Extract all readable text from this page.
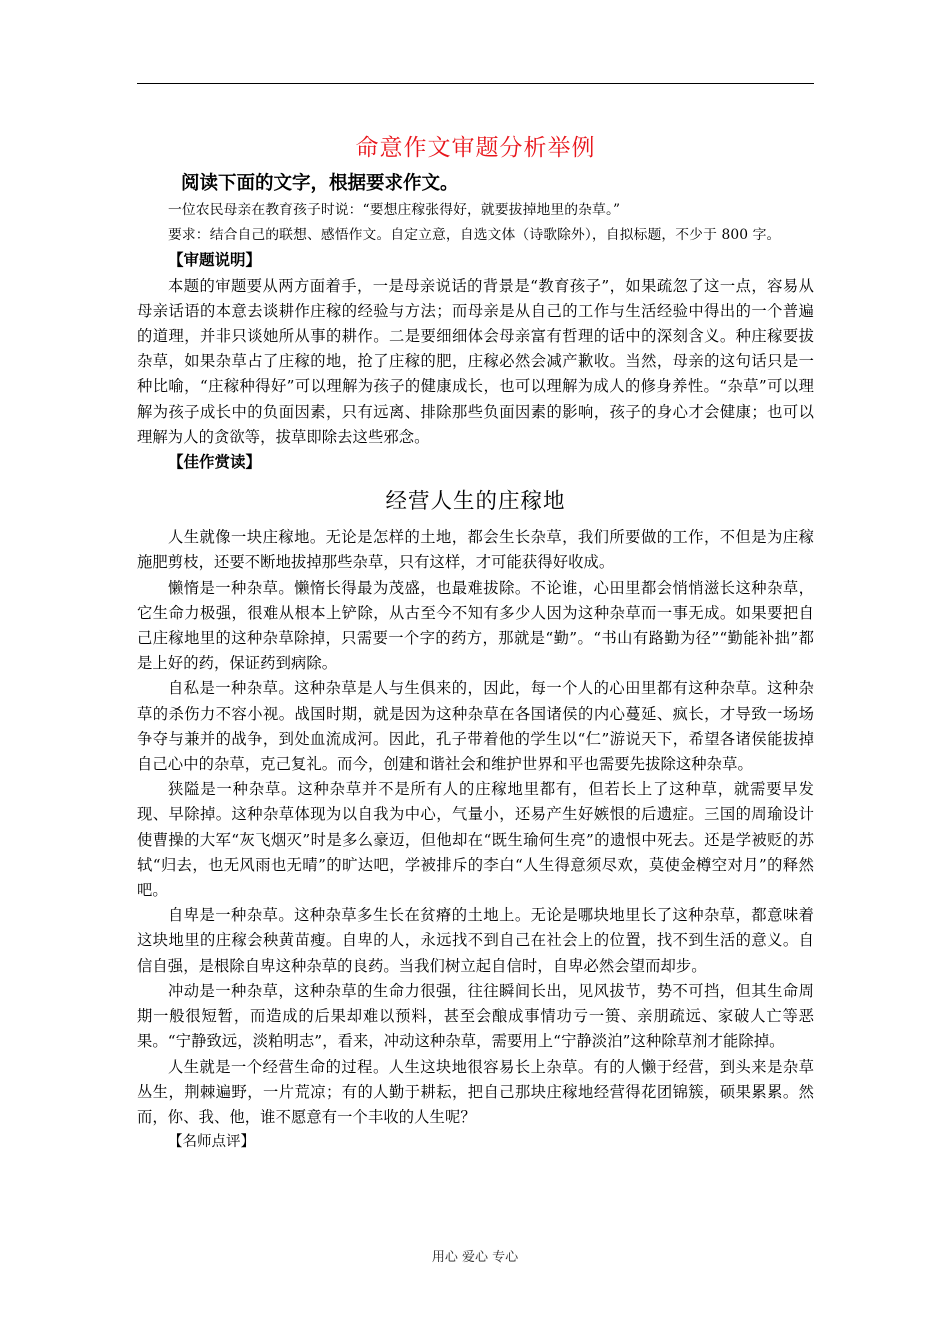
命意作文审题分析举例
阅读下面的文字，根据要求作文。

一位农民母亲在教育孩子时说：“要想庄稼张得好，就要拔掉地里的杂草。”

要求：结合自己的联想、感悟作文。自定立意，自选文体（诗歌除外），自拟标题，不少于 800 字。

【审题说明】

本题的审题要从两方面着手，一是母亲说话的背景是“教育孩子”，如果疏忽了这一点，容易从母亲话语的本意去谈耕作庄稼的经验与方法；而母亲是从自己的工作与生活经验中得出的一个普遍的道理，并非只谈她所从事的耕作。二是要细细体会母亲富有哲理的话中的深刻含义。种庄稼要拔杂草，如果杂草占了庄稼的地，抢了庄稼的肥，庄稼必然会减产歉收。当然，母亲的这句话只是一种比喻，“庄稼种得好”可以理解为孩子的健康成长，也可以理解为成人的修身养性。“杂草”可以理解为孩子成长中的负面因素，只有远离、排除那些负面因素的影响，孩子的身心才会健康；也可以理解为人的贪欲等，拔草即除去这些邪念。

【佳作赏读】
经营人生的庄稼地

人生就像一块庄稼地。无论是怎样的土地，都会生长杂草，我们所要做的工作，不但是为庄稼施肥剪枝，还要不断地拔掉那些杂草，只有这样，才可能获得好收成。

懒惰是一种杂草。懒惰长得最为茂盛，也最难拔除。不论谁，心田里都会悄悄滋长这种杂草，它生命力极强，很难从根本上铲除，从古至今不知有多少人因为这种杂草而一事无成。如果要把自己庄稼地里的这种杂草除掉，只需要一个字的药方，那就是“勤”。“书山有路勤为径”“勤能补拙”都是上好的药，保证药到病除。

自私是一种杂草。这种杂草是人与生俱来的，因此，每一个人的心田里都有这种杂草。这种杂草的杀伤力不容小视。战国时期，就是因为这种杂草在各国诸侯的内心蔓延、疯长，才导致一场场争夺与兼并的战争，到处血流成河。因此，孔子带着他的学生以“仁”游说天下，希望各诸侯能拔掉自己心中的杂草，克己复礼。而今，创建和谐社会和维护世界和平也需要先拔除这种杂草。

狭隘是一种杂草。这种杂草并不是所有人的庄稼地里都有，但若长上了这种草，就需要早发现、早除掉。这种杂草体现为以自我为中心，气量小，还易产生好嫉恨的后遗症。三国的周瑜设计使曹操的大军“灰飞烟灭”时是多么豪迈，但他却在“既生瑜何生亮”的遗恨中死去。还是学被贬的苏轼“归去，也无风雨也无晴”的旷达吧，学被排斥的李白“人生得意须尽欢，莫使金樽空对月”的释然吧。

自卑是一种杂草。这种杂草多生长在贫瘠的土地上。无论是哪块地里长了这种杂草，都意味着这块地里的庄稼会秧黄苗瘦。自卑的人，永远找不到自己在社会上的位置，找不到生活的意义。自信自强，是根除自卑这种杂草的良药。当我们树立起自信时，自卑必然会望而却步。

冲动是一种杂草，这种杂草的生命力很强，往往瞬间长出，见风拔节，势不可挡，但其生命周期一般很短暂，而造成的后果却难以预料，甚至会酿成事情功亏一篑、亲朋疏远、家破人亡等恶果。“宁静致远，淡粕明志”，看来，冲动这种杂草，需要用上“宁静淡泊”这种除草剂才能除掉。

人生就是一个经营生命的过程。人生这块地很容易长上杂草。有的人懒于经营，到头来是杂草丛生，荆棘遍野，一片荒凉；有的人勤于耕耘，把自己那块庄稼地经营得花团锦簇，硕果累累。然而，你、我、他，谁不愿意有一个丰收的人生呢？

【名师点评】
用心 爱心 专心
